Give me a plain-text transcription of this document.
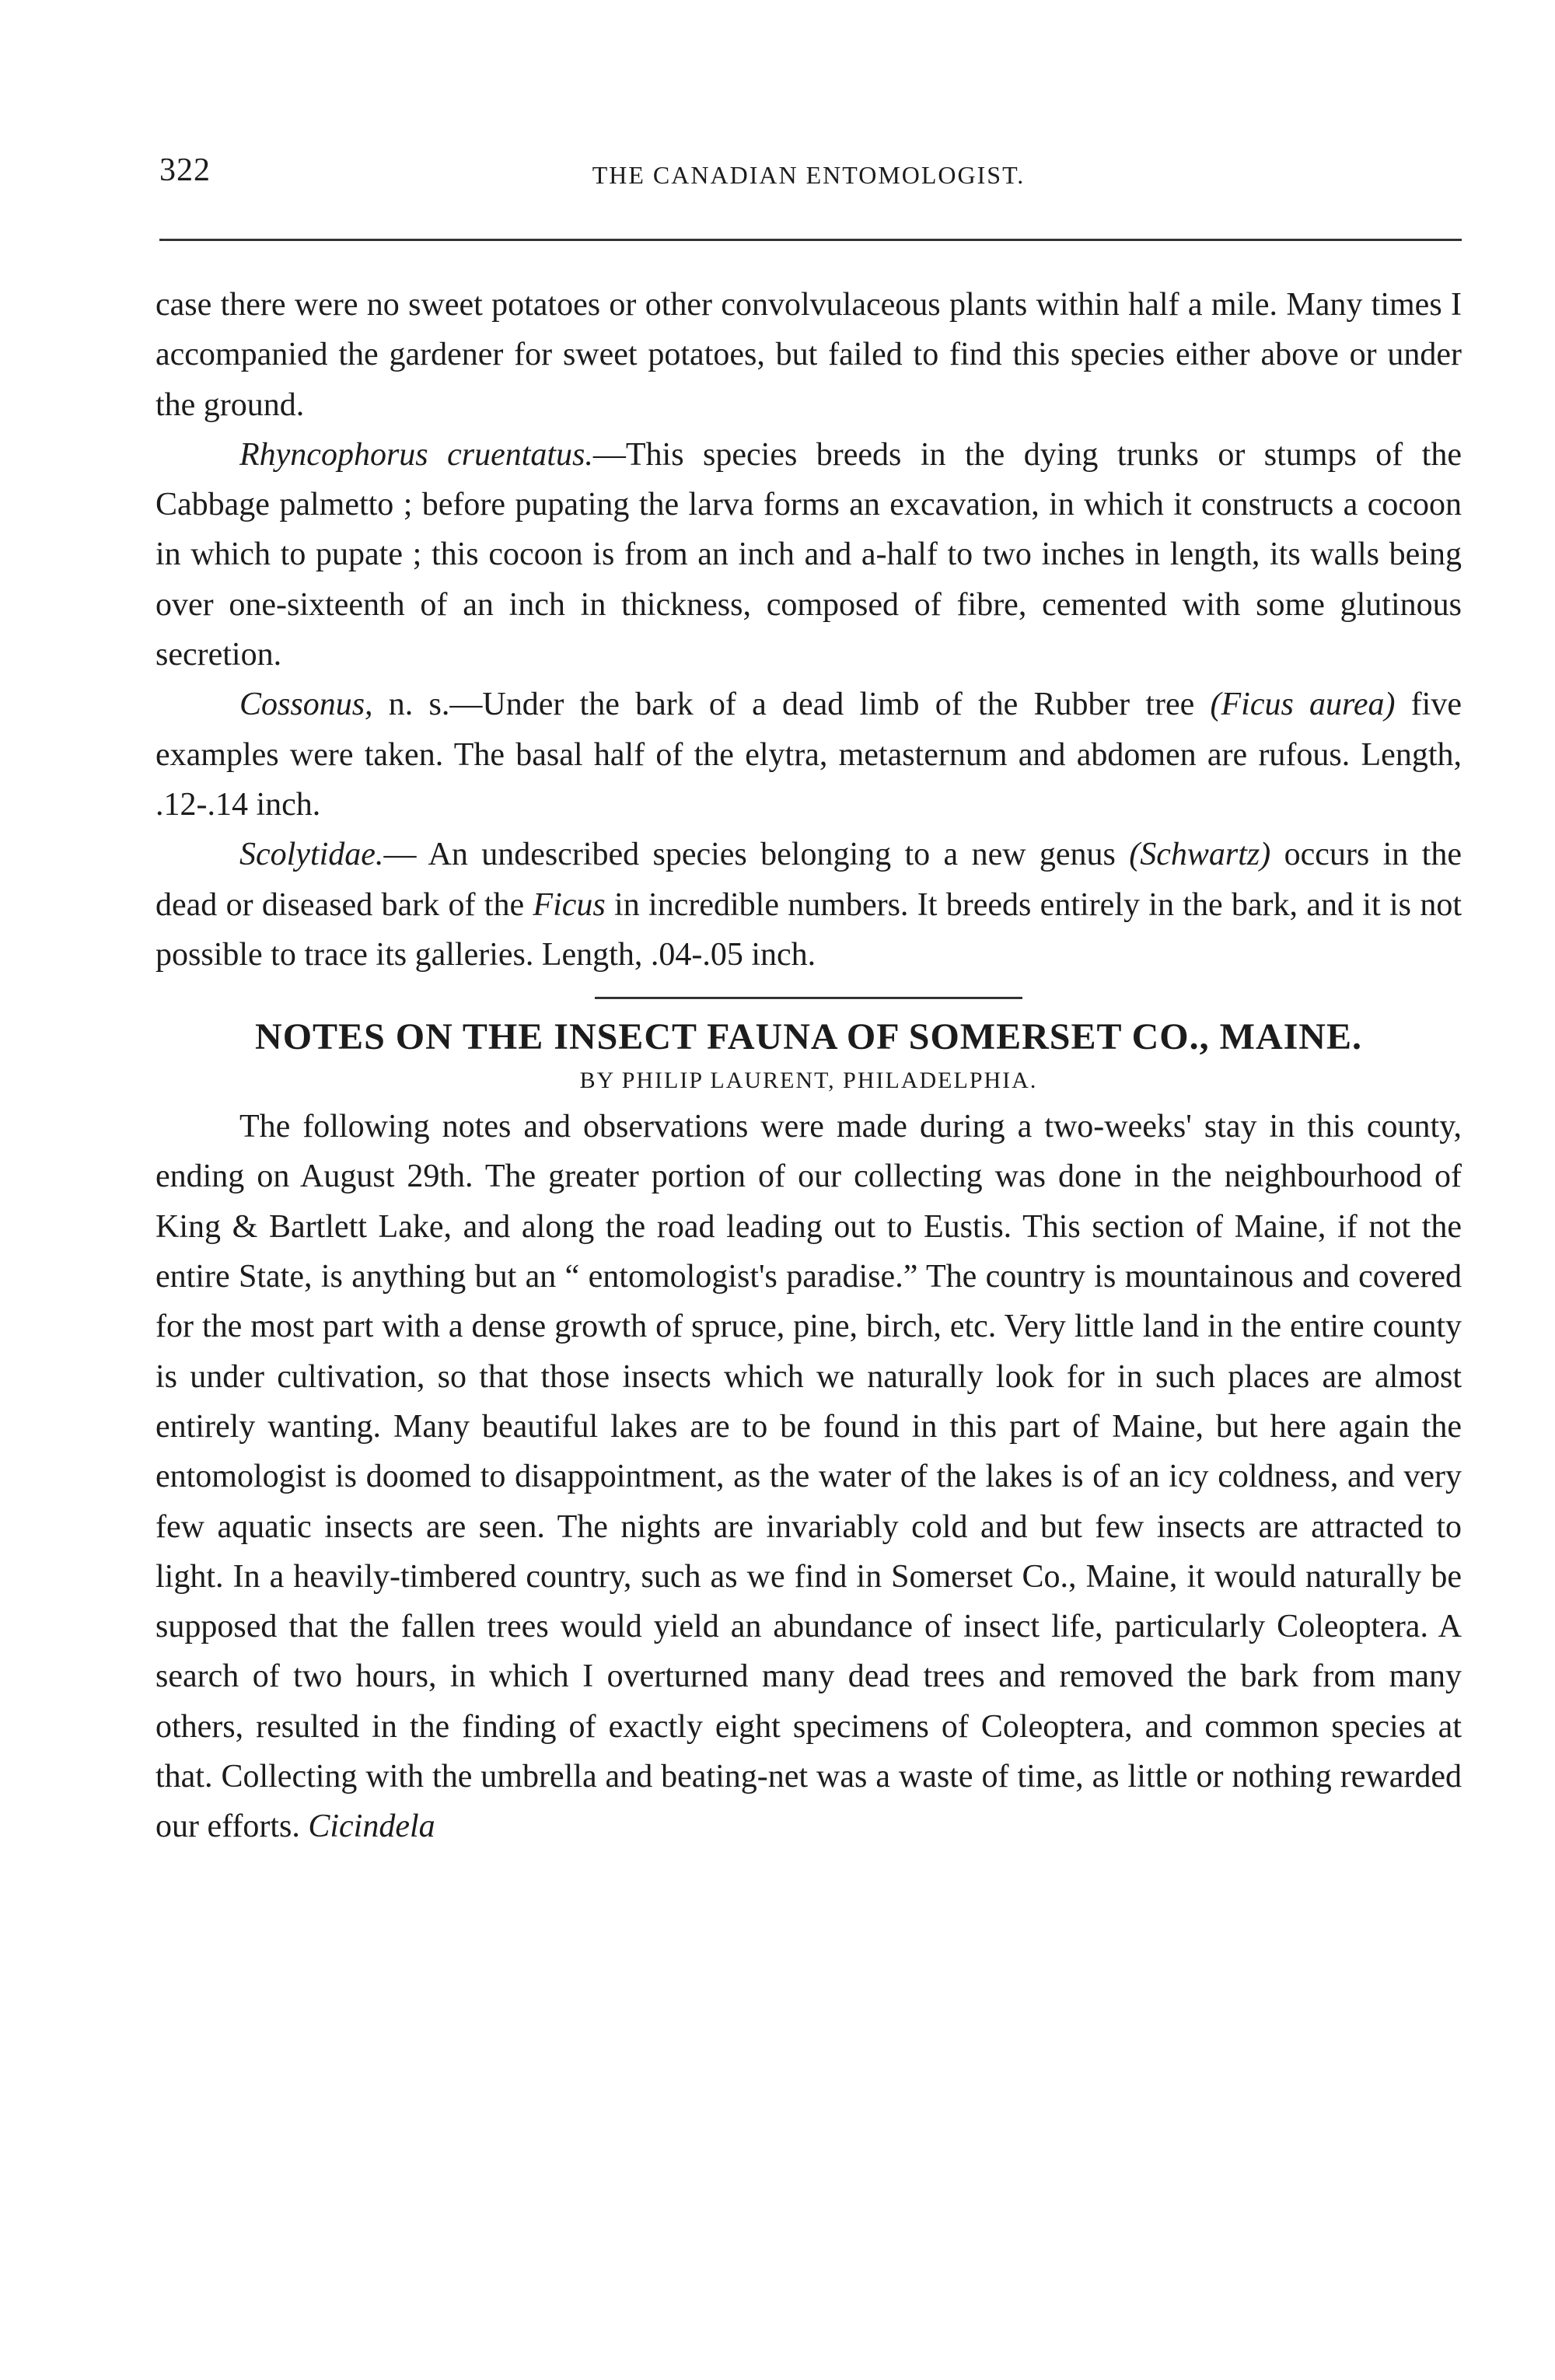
322	THE CANADIAN ENTOMOLOGIST.

case there were no sweet potatoes or other convolvulaceous plants within half a mile. Many times I accompanied the gardener for sweet potatoes, but failed to find this species either above or under the ground.

Rhyncophorus cruentatus.—This species breeds in the dying trunks or stumps of the Cabbage palmetto ; before pupating the larva forms an excavation, in which it constructs a cocoon in which to pupate ; this cocoon is from an inch and a-half to two inches in length, its walls being over one-sixteenth of an inch in thickness, composed of fibre, cemented with some glutinous secretion.

Cossonus, n. s.—Under the bark of a dead limb of the Rubber tree (Ficus aurea) five examples were taken. The basal half of the elytra, metasternum and abdomen are rufous. Length, .12-.14 inch.

Scolytidae.— An undescribed species belonging to a new genus (Schwartz) occurs in the dead or diseased bark of the Ficus in incredible numbers. It breeds entirely in the bark, and it is not possible to trace its galleries. Length, .04-.05 inch.

NOTES ON THE INSECT FAUNA OF SOMERSET CO., MAINE.

BY PHILIP LAURENT, PHILADELPHIA.

The following notes and observations were made during a two-weeks' stay in this county, ending on August 29th. The greater portion of our collecting was done in the neighbourhood of King & Bartlett Lake, and along the road leading out to Eustis. This section of Maine, if not the entire State, is anything but an “ entomologist's paradise.” The country is mountainous and covered for the most part with a dense growth of spruce, pine, birch, etc. Very little land in the entire county is under cultivation, so that those insects which we naturally look for in such places are almost entirely wanting. Many beautiful lakes are to be found in this part of Maine, but here again the entomologist is doomed to disappointment, as the water of the lakes is of an icy coldness, and very few aquatic insects are seen. The nights are invariably cold and but few insects are attracted to light. In a heavily-timbered country, such as we find in Somerset Co., Maine, it would naturally be supposed that the fallen trees would yield an abundance of insect life, particularly Coleoptera. A search of two hours, in which I overturned many dead trees and removed the bark from many others, resulted in the finding of exactly eight specimens of Coleoptera, and common species at that. Collecting with the umbrella and beating-net was a waste of time, as little or nothing rewarded our efforts. Cicindela
